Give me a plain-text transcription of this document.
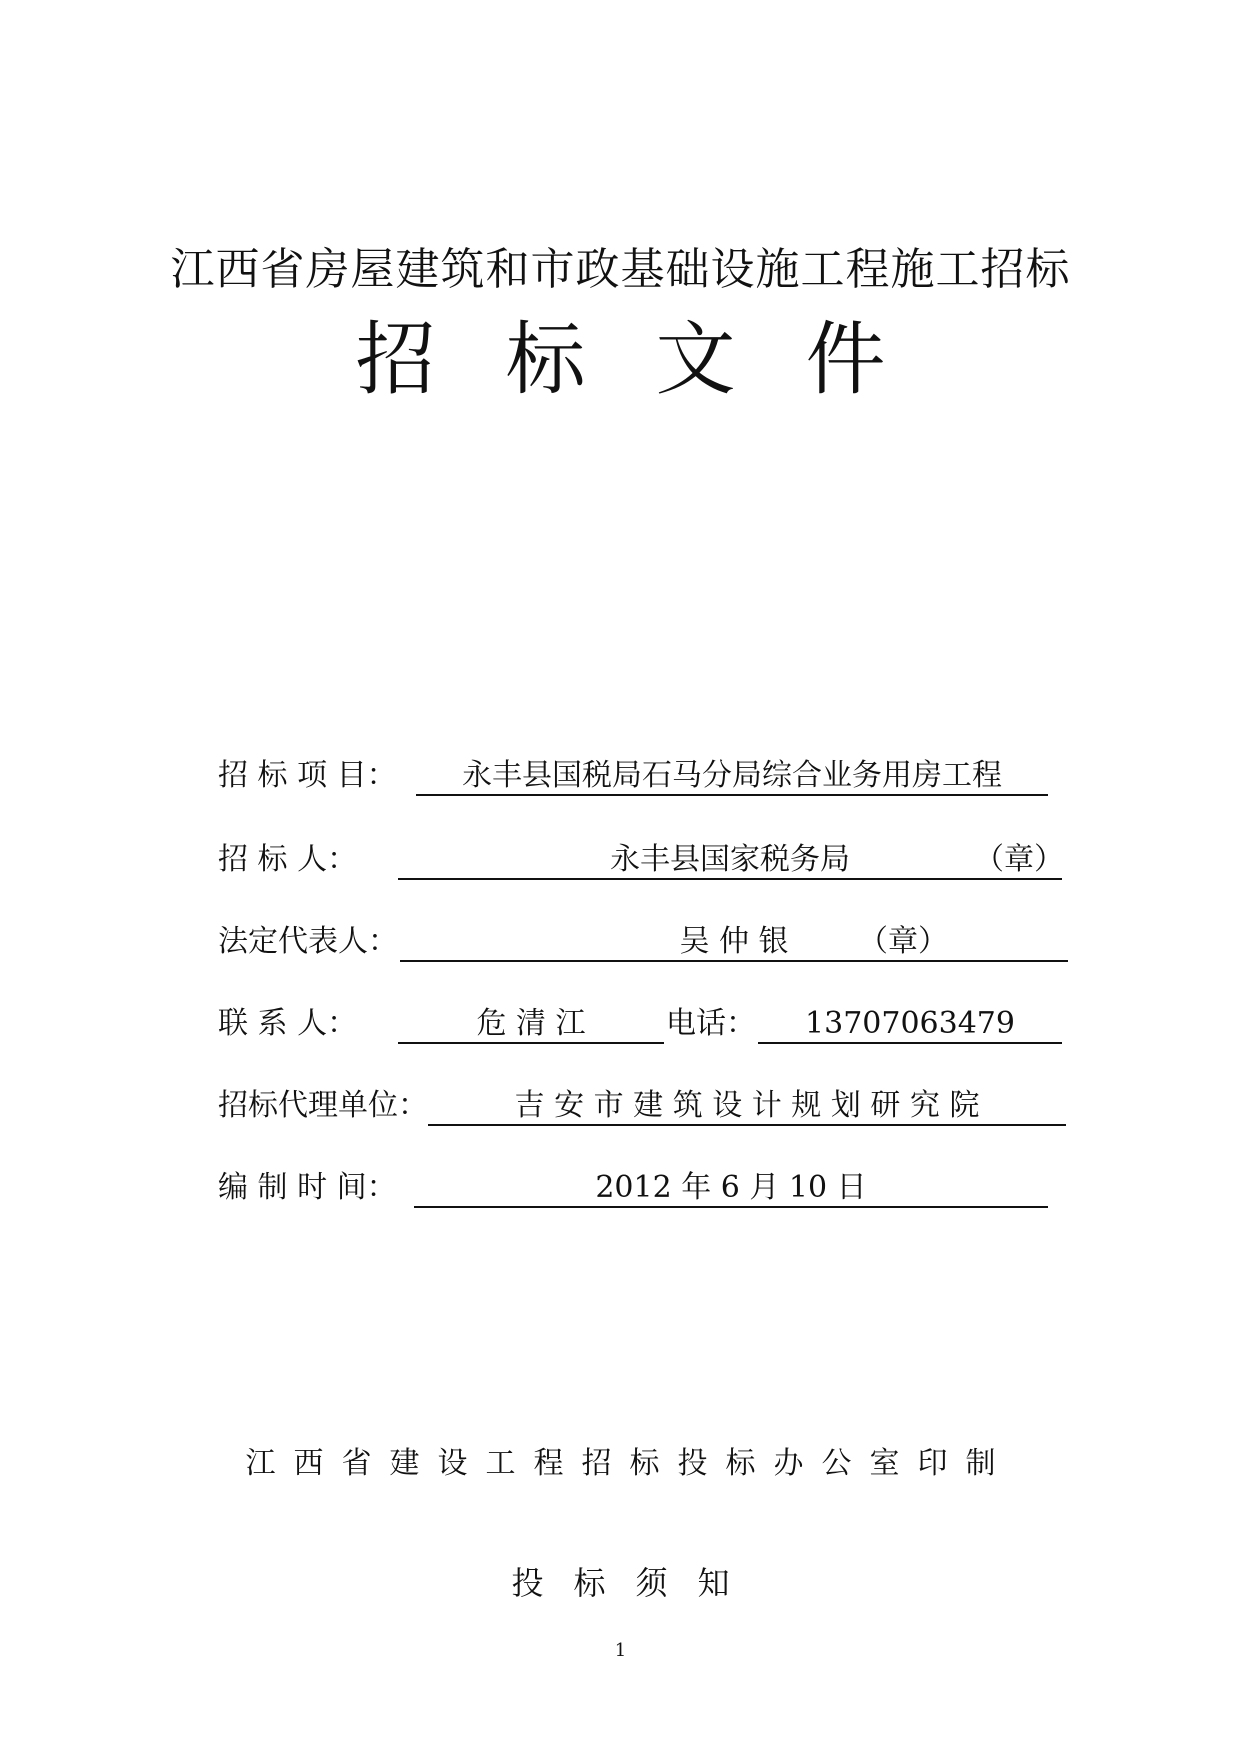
江西省房屋建筑和市政基础设施工程施工招标
招标文件
招 标 项 目：	永丰县国税局石马分局综合业务用房工程
招 标 人：	永丰县国家税务局	（章）
法定代表人：	吴 仲 银	（章）
联 系 人：	危 清 江	电话：	13707063479
招标代理单位：	吉 安 市 建 筑 设 计 规 划 研 究 院
编 制 时 间：	2012 年 6 月 10 日
江西省建设工程招标投标办公室印制
投标须知
1
